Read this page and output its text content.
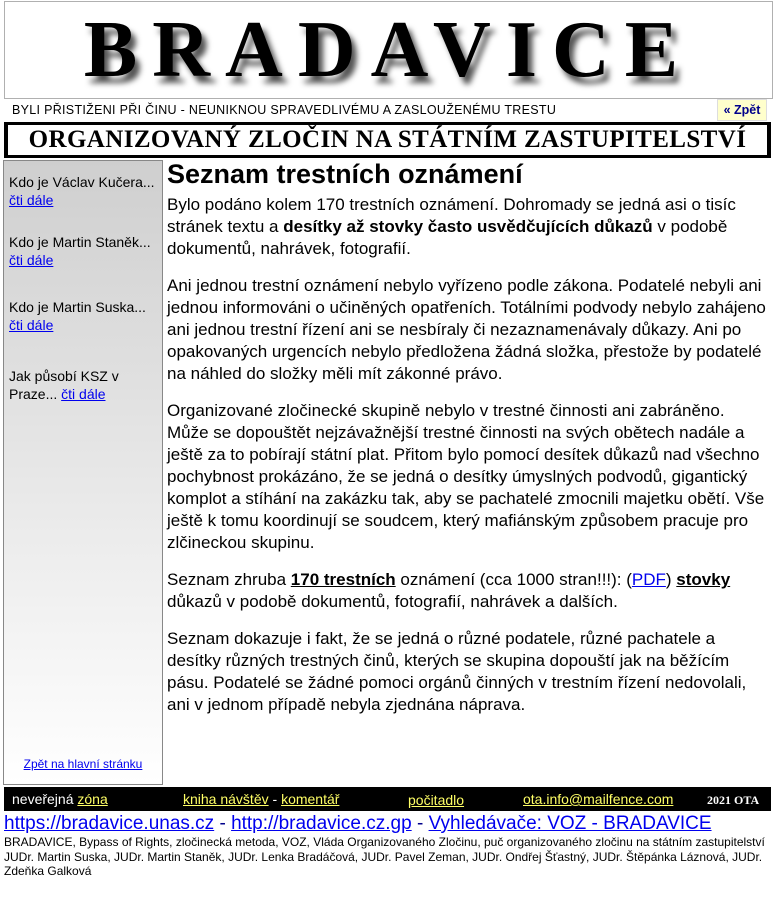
BRADAVICE
BYLI PŘISTIŽENI PŘI ČINU - NEUNIKNOU SPRAVEDLIVÉMU A ZASLOUŽENÉMU TRESTU	« Zpět
ORGANIZOVANÝ ZLOČIN NA STÁTNÍM ZASTUPITELSTVÍ
Kdo je Václav Kučera...
čti dále
Kdo je Martin Staněk...
čti dále
Kdo je Martin Suska...
čti dále
Jak působí KSZ v
Praze... čti dále
Zpět na hlavní stránku
Seznam trestních oznámení

Bylo podáno kolem 170 trestních oznámení. Dohromady se jedná asi o tisíc stránek textu a desítky až stovky často usvědčujících důkazů v podobě dokumentů, nahrávek, fotografií.

Ani jednou trestní oznámení nebylo vyřízeno podle zákona. Podatelé nebyli ani jednou informováni o učiněných opatřeních. Totálními podvody nebylo zahájeno ani jednou trestní řízení ani se nesbíraly či nezaznamenávaly důkazy. Ani po opakovaných urgencích nebylo předložena žádná složka, přestože by podatelé na náhled do složky měli mít zákonné právo.

Organizované zločinecké skupině nebylo v trestné činnosti ani zabráněno. Může se dopouštět nejzávažnější trestné činnosti na svých obětech nadále a ještě za to pobírají státní plat. Přitom bylo pomocí desítek důkazů nad všechno pochybnost prokázáno, že se jedná o desítky úmyslných podvodů, gigantický komplot a stíhání na zakázku tak, aby se pachatelé zmocnili majetku obětí. Vše ještě k tomu koordinují se soudcem, který mafiánským způsobem pracuje pro zlčineckou skupinu.

Seznam zhruba 170 trestních oznámení (cca 1000 stran!!!): (PDF) stovky důkazů v podobě dokumentů, fotografií, nahrávek a dalších.

Seznam dokazuje i fakt, že se jedná o různé podatele, různé pachatele a desítky různých trestných činů, kterých se skupina dopouští jak na běžícím pásu. Podatelé se žádné pomoci orgánů činných v trestním řízení nedovolali, ani v jednom případě nebyla zjednána náprava.

neveřejná zóna	kniha návštěv - komentář	počitadlo	ota.info@mailfence.com	2021 OTA
https://bradavice.unas.cz - http://bradavice.cz.gp - Vyhledávače: VOZ - BRADAVICE
BRADAVICE, Bypass of Rights, zločinecká metoda, VOZ, Vláda Organizovaného Zločinu, puč organizovaného zločinu na státním zastupitelství
JUDr. Martin Suska, JUDr. Martin Staněk, JUDr. Lenka Bradáčová, JUDr. Pavel Zeman, JUDr. Ondřej Šťastný, JUDr. Štěpánka Láznová, JUDr. Zdeňka Galková
